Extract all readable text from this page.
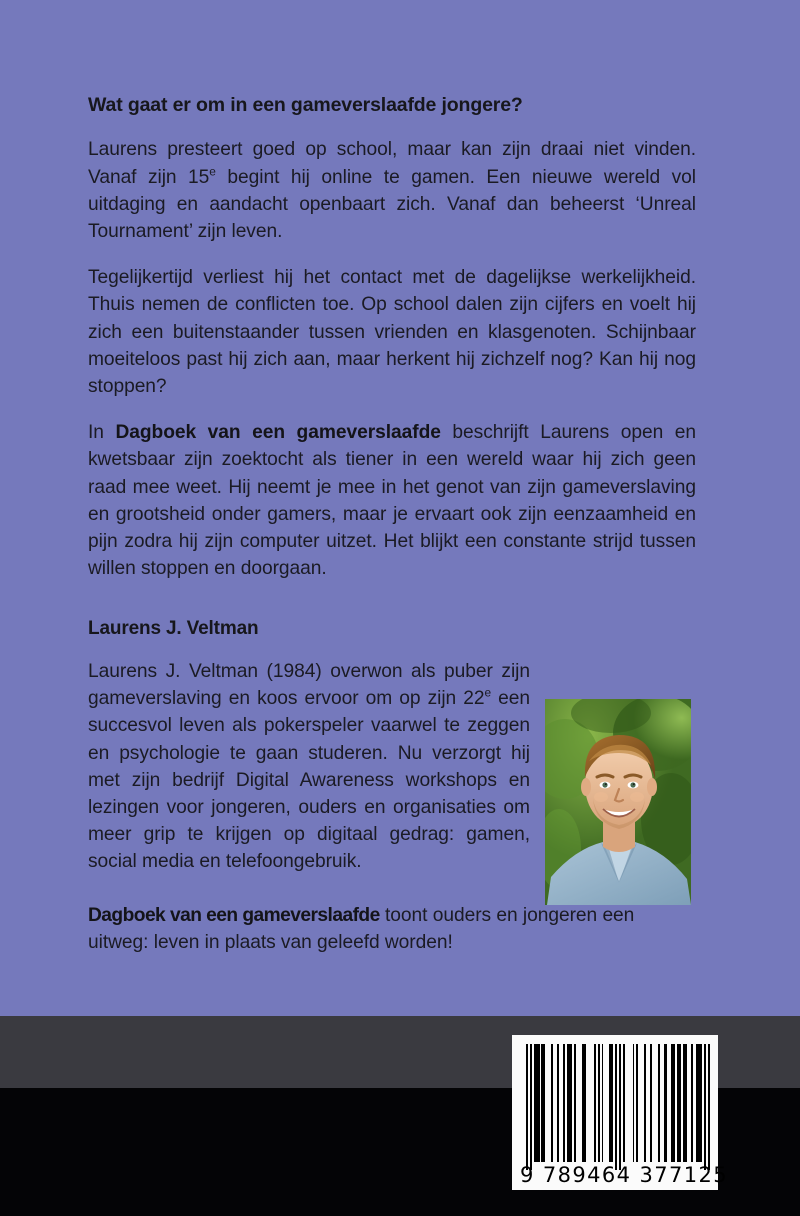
Wat gaat er om in een gameverslaafde jongere?

Laurens presteert goed op school, maar kan zijn draai niet vinden. Vanaf zijn 15e begint hij online te gamen. Een nieuwe wereld vol uitdaging en aandacht openbaart zich. Vanaf dan beheerst ‘Unreal Tournament’ zijn leven.

Tegelijkertijd verliest hij het contact met de dagelijkse werkelijkheid. Thuis nemen de conflicten toe. Op school dalen zijn cijfers en voelt hij zich een buitenstaander tussen vrienden en klasgenoten. Schijnbaar moeiteloos past hij zich aan, maar herkent hij zichzelf nog? Kan hij nog stoppen?

In Dagboek van een gameverslaafde beschrijft Laurens open en kwetsbaar zijn zoektocht als tiener in een wereld waar hij zich geen raad mee weet. Hij neemt je mee in het genot van zijn gameverslaving en grootsheid onder gamers, maar je ervaart ook zijn eenzaamheid en pijn zodra hij zijn computer uitzet. Het blijkt een constante strijd tussen willen stoppen en doorgaan.

Laurens J. Veltman

Laurens J. Veltman (1984) overwon als puber zijn gameverslaving en koos ervoor om op zijn 22e een succesvol leven als pokerspeler vaarwel te zeggen en psychologie te gaan studeren. Nu verzorgt hij met zijn bedrijf Digital Awareness workshops en lezingen voor jongeren, ouders en organisaties om meer grip te krijgen op digitaal gedrag: gamen, social media en telefoongebruik.

Dagboek van een gameverslaafde toont ouders en jongeren een uitweg: leven in plaats van geleefd worden!

9 789464 377125
